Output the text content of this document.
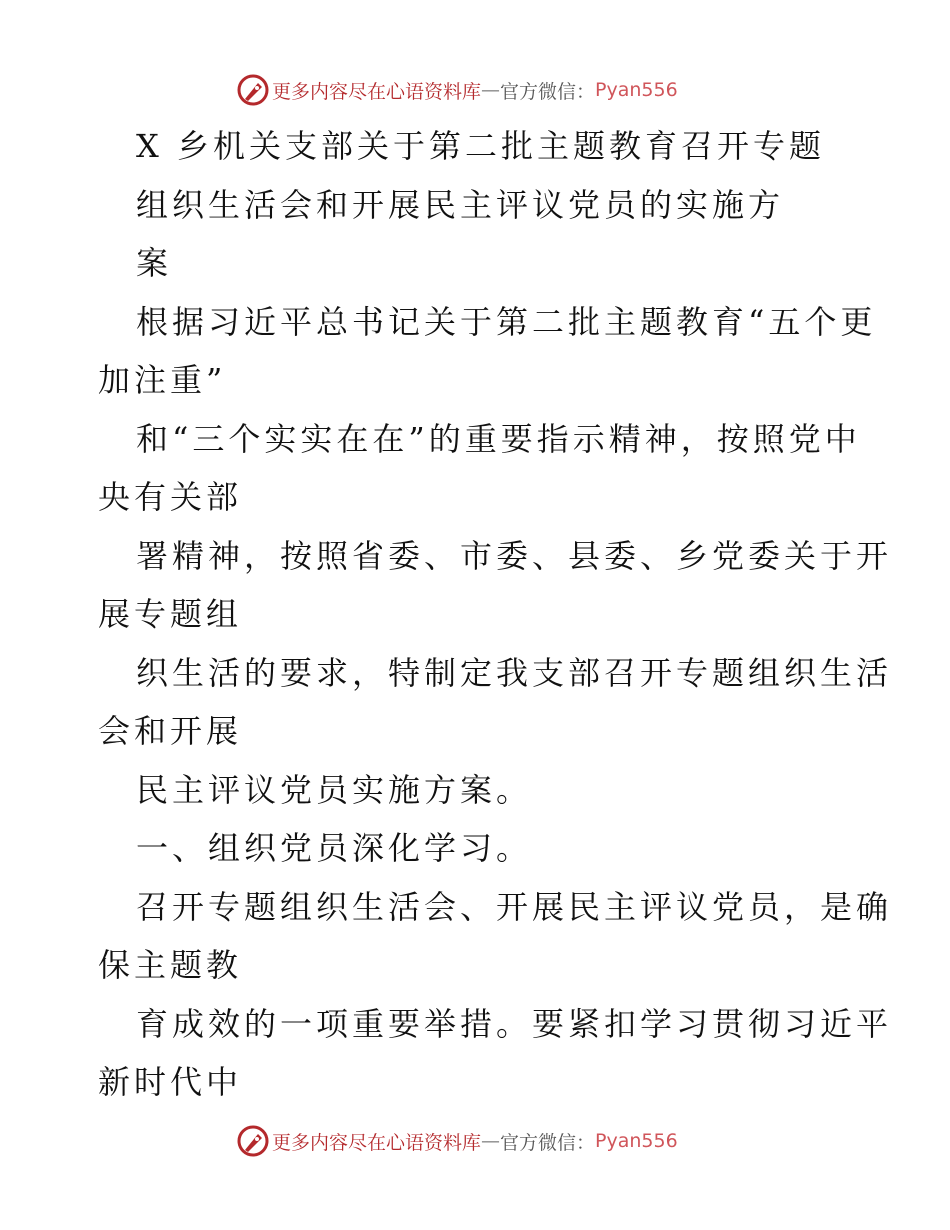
更多内容尽在心语资料库 — 官方微信： Pyan556
X 乡机关支部关于第二批主题教育召开专题
组织生活会和开展民主评议党员的实施方
案
根据习近平总书记关于第二批主题教育“五个更
加注重”
和“三个实实在在”的重要指示精神，按照党中
央有关部
署精神，按照省委、市委、县委、乡党委关于开
展专题组
织生活的要求，特制定我支部召开专题组织生活
会和开展
民主评议党员实施方案。
一、组织党员深化学习。
召开专题组织生活会、开展民主评议党员，是确
保主题教
育成效的一项重要举措。要紧扣学习贯彻习近平
新时代中
更多内容尽在心语资料库 — 官方微信： Pyan556
